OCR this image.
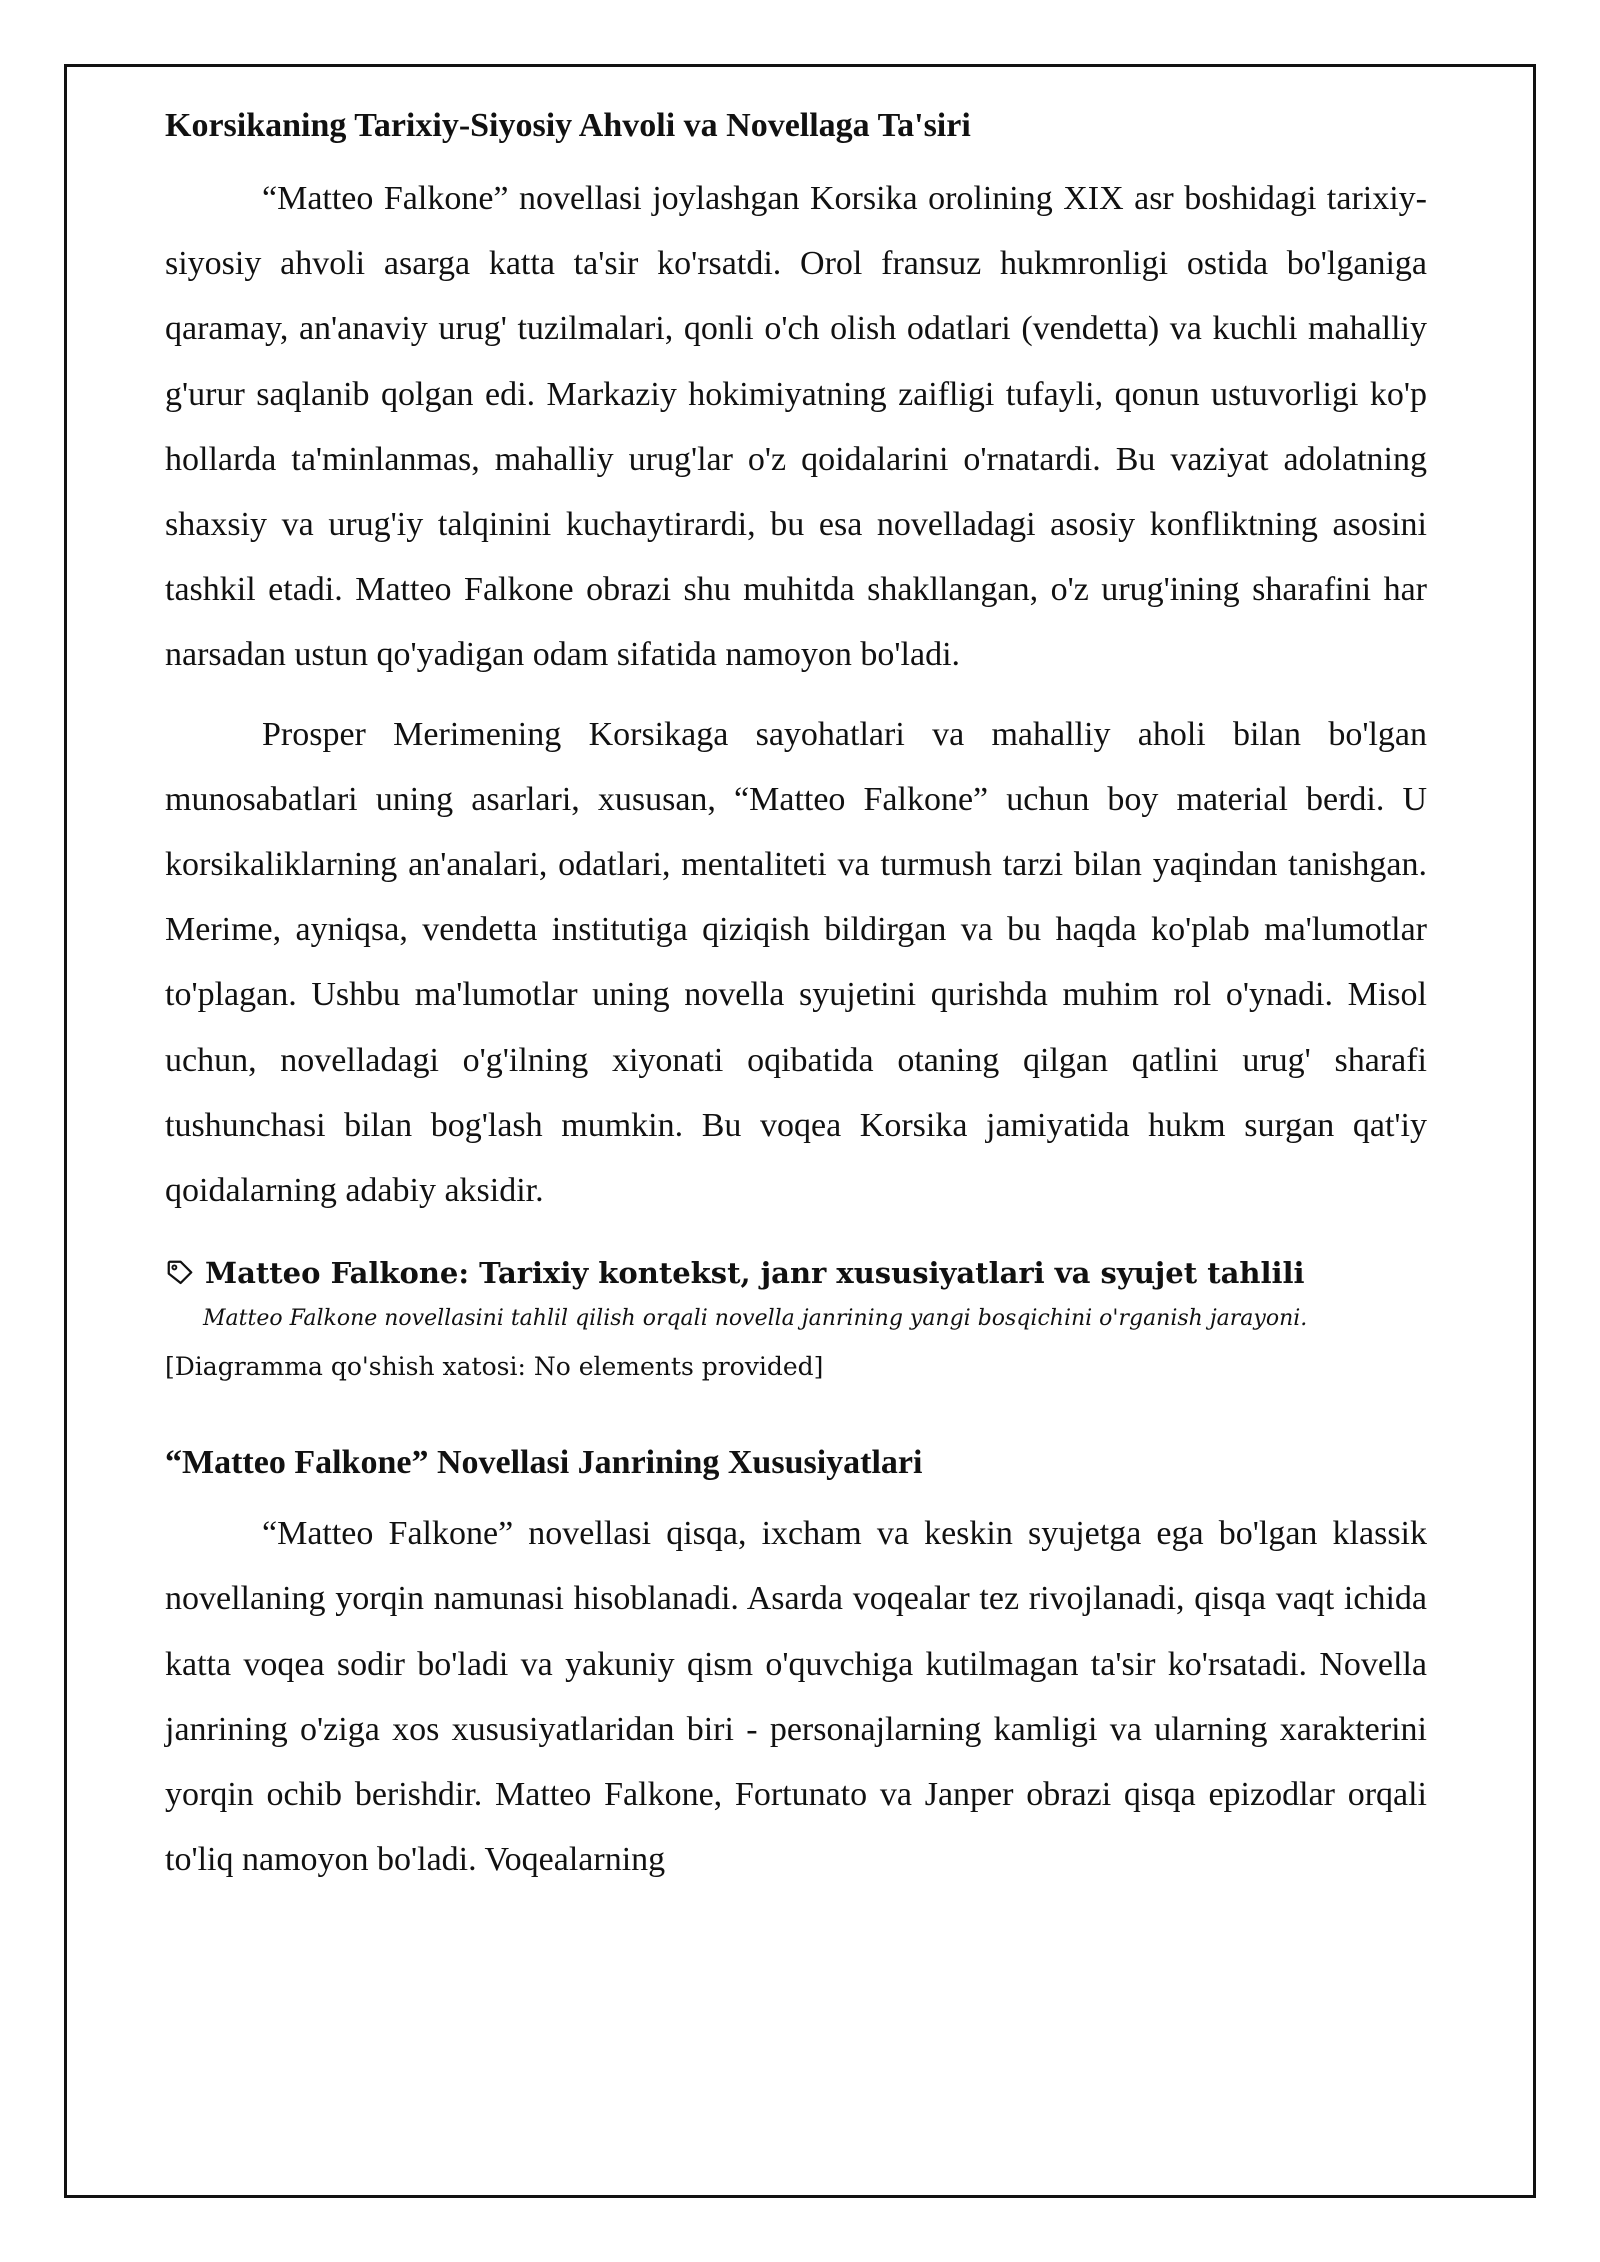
Korsikaning Tarixiy-Siyosiy Ahvoli va Novellaga Ta'siri

“Matteo Falkone” novellasi joylashgan Korsika orolining XIX asr boshidagi tarixiy-siyosiy ahvoli asarga katta ta'sir ko'rsatdi. Orol fransuz hukmronligi ostida bo'lganiga qaramay, an'anaviy urug' tuzilmalari, qonli o'ch olish odatlari (vendetta) va kuchli mahalliy g'urur saqlanib qolgan edi. Markaziy hokimiyatning zaifligi tufayli, qonun ustuvorligi ko'p hollarda ta'minlanmas, mahalliy urug'lar o'z qoidalarini o'rnatardi. Bu vaziyat adolatning shaxsiy va urug'iy talqinini kuchaytirardi, bu esa novelladagi asosiy konfliktning asosini tashkil etadi. Matteo Falkone obrazi shu muhitda shakllangan, o'z urug'ining sharafini har narsadan ustun qo'yadigan odam sifatida namoyon bo'ladi.

Prosper Merimening Korsikaga sayohatlari va mahalliy aholi bilan bo'lgan munosabatlari uning asarlari, xususan, “Matteo Falkone” uchun boy material berdi. U korsikaliklarning an'analari, odatlari, mentaliteti va turmush tarzi bilan yaqindan tanishgan. Merime, ayniqsa, vendetta institutiga qiziqish bildirgan va bu haqda ko'plab ma'lumotlar to'plagan. Ushbu ma'lumotlar uning novella syujetini qurishda muhim rol o'ynadi. Misol uchun, novelladagi o'g'ilning xiyonati oqibatida otaning qilgan qatlini urug' sharafi tushunchasi bilan bog'lash mumkin. Bu voqea Korsika jamiyatida hukm surgan qat'iy qoidalarning adabiy aksidir.

Matteo Falkone: Tarixiy kontekst, janr xususiyatlari va syujet tahlili
Matteo Falkone novellasini tahlil qilish orqali novella janrining yangi bosqichini o'rganish jarayoni.
[Diagramma qo'shish xatosi: No elements provided]
“Matteo Falkone” Novellasi Janrining Xususiyatlari

“Matteo Falkone” novellasi qisqa, ixcham va keskin syujetga ega bo'lgan klassik novellaning yorqin namunasi hisoblanadi. Asarda voqealar tez rivojlanadi, qisqa vaqt ichida katta voqea sodir bo'ladi va yakuniy qism o'quvchiga kutilmagan ta'sir ko'rsatadi. Novella janrining o'ziga xos xususiyatlaridan biri - personajlarning kamligi va ularning xarakterini yorqin ochib berishdir. Matteo Falkone, Fortunato va Janper obrazi qisqa epizodlar orqali to'liq namoyon bo'ladi. Voqealarning
